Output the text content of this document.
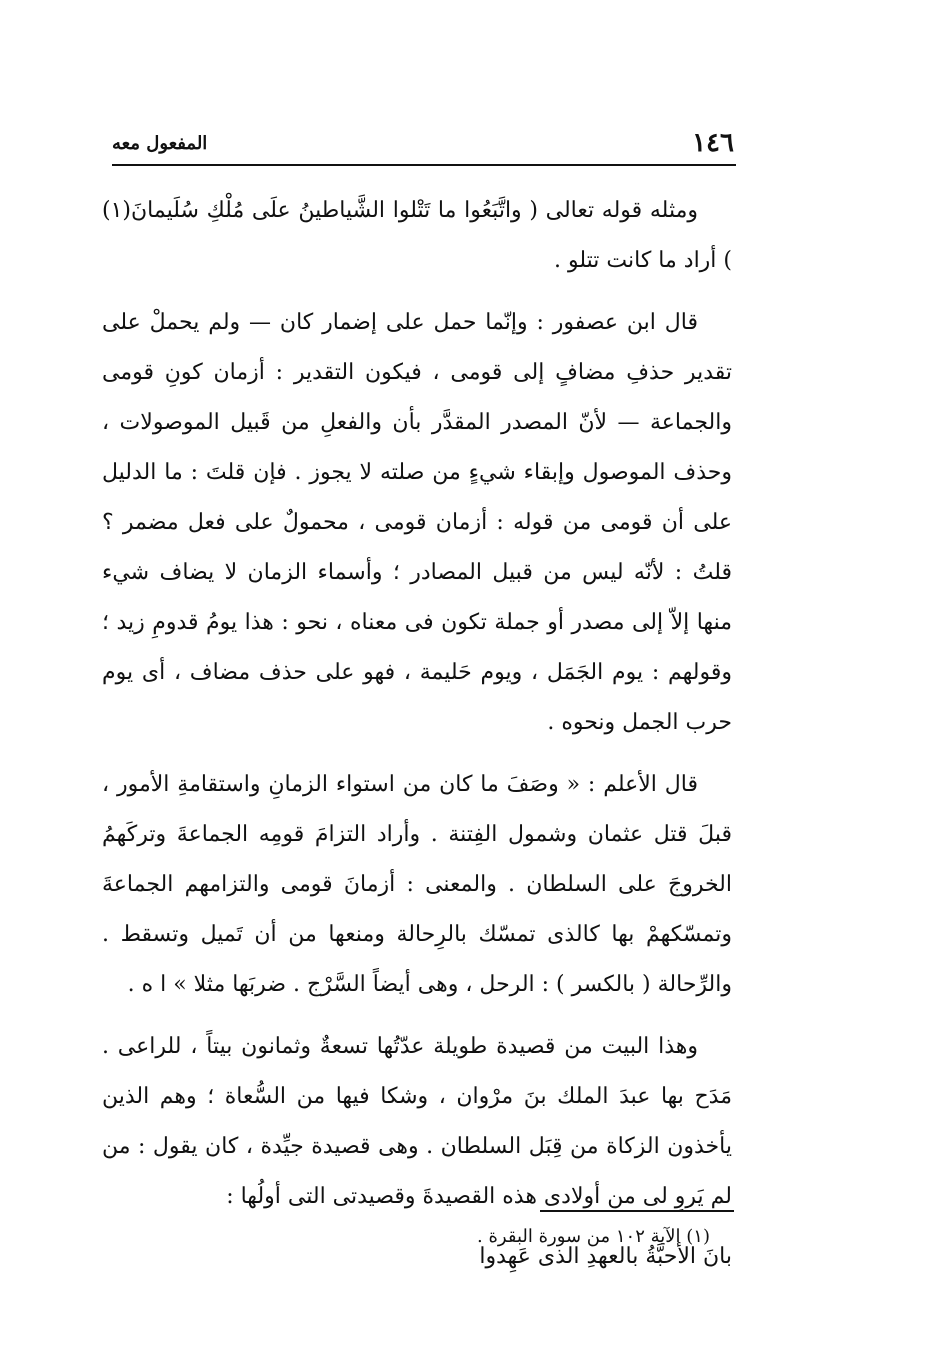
١٤٦
المفعول معه

ومثله قوله تعالى ( واتَّبَعُوا ما تَتْلوا الشَّياطينُ علَى مُلْكِ سُلَيمانَ(١) ) أراد ما كانت تتلو .

قال ابن عصفور : وإنّما حمل على إضمار كان — ولم يحملْ على تقدير حذفِ مضافٍ إلى قومى ، فيكون التقدير : أزمان كونِ قومى والجماعة — لأنّ المصدر المقدَّر بأن والفعلِ من قَبيل الموصولات ، وحذف الموصول وإبقاء شيءٍ من صلته لا يجوز . فإن قلتَ : ما الدليل على أن قومى من قوله : أزمان قومى ، محمولٌ على فعل مضمر ؟ قلتُ : لأنّه ليس من قبيل المصادر ؛ وأسماء الزمان لا يضاف شيء منها إلاّ إلى مصدر أو جملة تكون فى معناه ، نحو : هذا يومُ قدومِ زيد ؛ وقولهم : يوم الجَمَل ، ويوم حَليمة ، فهو على حذف مضاف ، أى يوم حرب الجمل ونحوه .

قال الأعلم : « وصَفَ ما كان من استواء الزمانِ واستقامةِ الأمور ، قبلَ قتل عثمان وشمول الفِتنة . وأراد التزامَ قومِه الجماعةَ وتركَهمُ الخروجَ على السلطان . والمعنى : أزمانَ قومى والتزامهم الجماعةَ وتمسّكهمْ بها كالذى تمسّك بالرِحالة ومنعها من أن تَميل وتسقط . والرِّحالة ( بالكسر ) : الرحل ، وهى أيضاً السَّرْج . ضربَها مثلا » ا ه .

وهذا البيت من قصيدة طويلة عدّتُها تسعةٌ وثمانون بيتاً ، للراعى . مَدَح بها عبدَ الملك بنَ مرْوان ، وشكا فيها من السُّعاة ؛ وهم الذين يأخذون الزكاة من قِبَل السلطان . وهى قصيدة جيِّدة ، كان يقول : من لم يَروِ لى من أولادى هذه القصيدةَ وقصيدتى التى أولُها :

بانَ الأحبَّةُ بالعهدِ الذى عَهِدوا
(١) الآية ١٠٢ من سورة البقرة .
